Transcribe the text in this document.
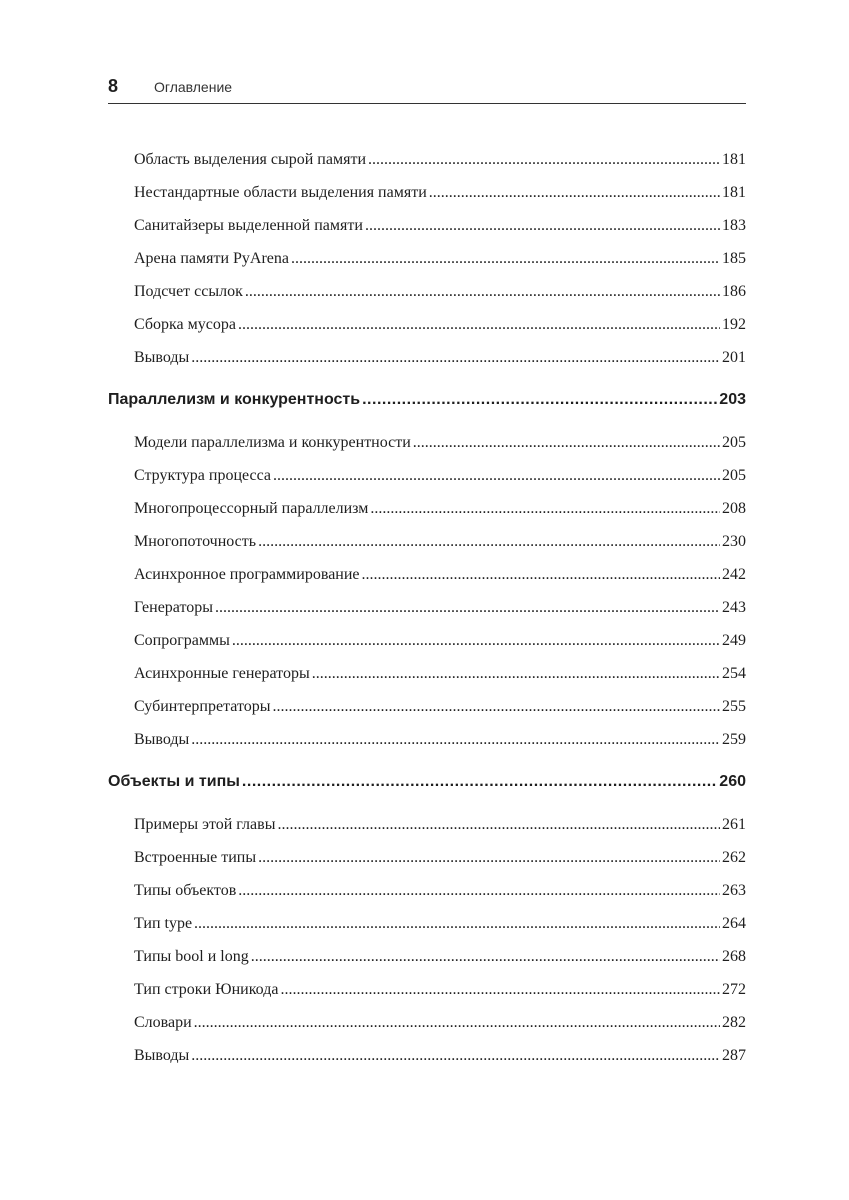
8	Оглавление
Область выделения сырой памяти .....	181
Нестандартные области выделения памяти .....	181
Санитайзеры выделенной памяти .....	183
Арена памяти PyArena .....	185
Подсчет ссылок .....	186
Сборка мусора .....	192
Выводы .....	201
Параллелизм и конкурентность .....	203
Модели параллелизма и конкурентности .....	205
Структура процесса .....	205
Многопроцессорный параллелизм .....	208
Многопоточность .....	230
Асинхронное программирование .....	242
Генераторы .....	243
Сопрограммы .....	249
Асинхронные генераторы .....	254
Субинтерпретаторы .....	255
Выводы .....	259
Объекты и типы .....	260
Примеры этой главы .....	261
Встроенные типы .....	262
Типы объектов .....	263
Тип type .....	264
Типы bool и long .....	268
Тип строки Юникода .....	272
Словари .....	282
Выводы .....	287
